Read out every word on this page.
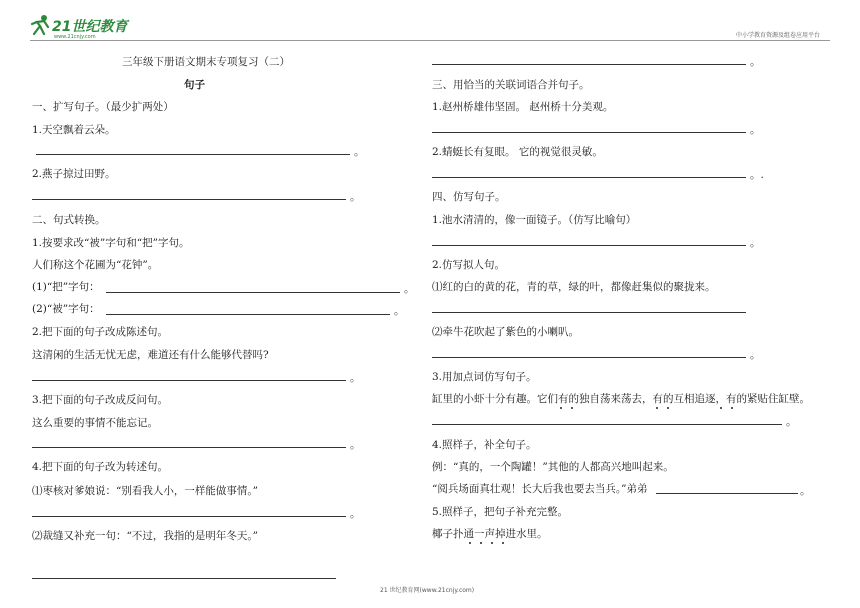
21世纪教育
www.21cnjy.com	中小学教育资源及组卷应用平台
三年级下册语文期末专项复习（二）
句子
一、扩写句子。（最少扩两处）
1.天空飘着云朵。
。
2.燕子掠过田野。
。
二、句式转换。
1.按要求改“被”字句和“把”字句。
人们称这个花圃为“花钟”。
(1)“把”字句：	。
(2)“被”字句：	。
2.把下面的句子改成陈述句。
这清闲的生活无忧无虑，难道还有什么能够代替吗?
。
3.把下面的句子改成反问句。
这么重要的事情不能忘记。
。
4.把下面的句子改为转述句。
⑴枣核对爹娘说：“别看我人小，一样能做事情。”
。
⑵裁缝又补充一句：“不过，我指的是明年冬天。”
。
三、用恰当的关联词语合并句子。
1.赵州桥雄伟坚固。 赵州桥十分美观。
。
2.蜻蜓长有复眼。 它的视觉很灵敏。
。.
四、仿写句子。
1.池水清清的，像一面镜子。（仿写比喻句）
。
2.仿写拟人句。
⑴红的白的黄的花，青的草，绿的叶，都像赶集似的聚拢来。
⑵牵牛花吹起了紫色的小喇叭。
。
3.用加点词仿写句子。
缸里的小虾十分有趣。它们有的独自荡来荡去，有的互相追逐，有的紧贴住缸壁。
。
4.照样子，补全句子。
例：“真的，一个陶罐！”其他的人都高兴地叫起来。
“阅兵场面真壮观！长大后我也要去当兵。”弟弟	。
5.照样子，把句子补充完整。
椰子扑通一声掉进水里。
21 世纪教育网(www.21cnjy.com)
